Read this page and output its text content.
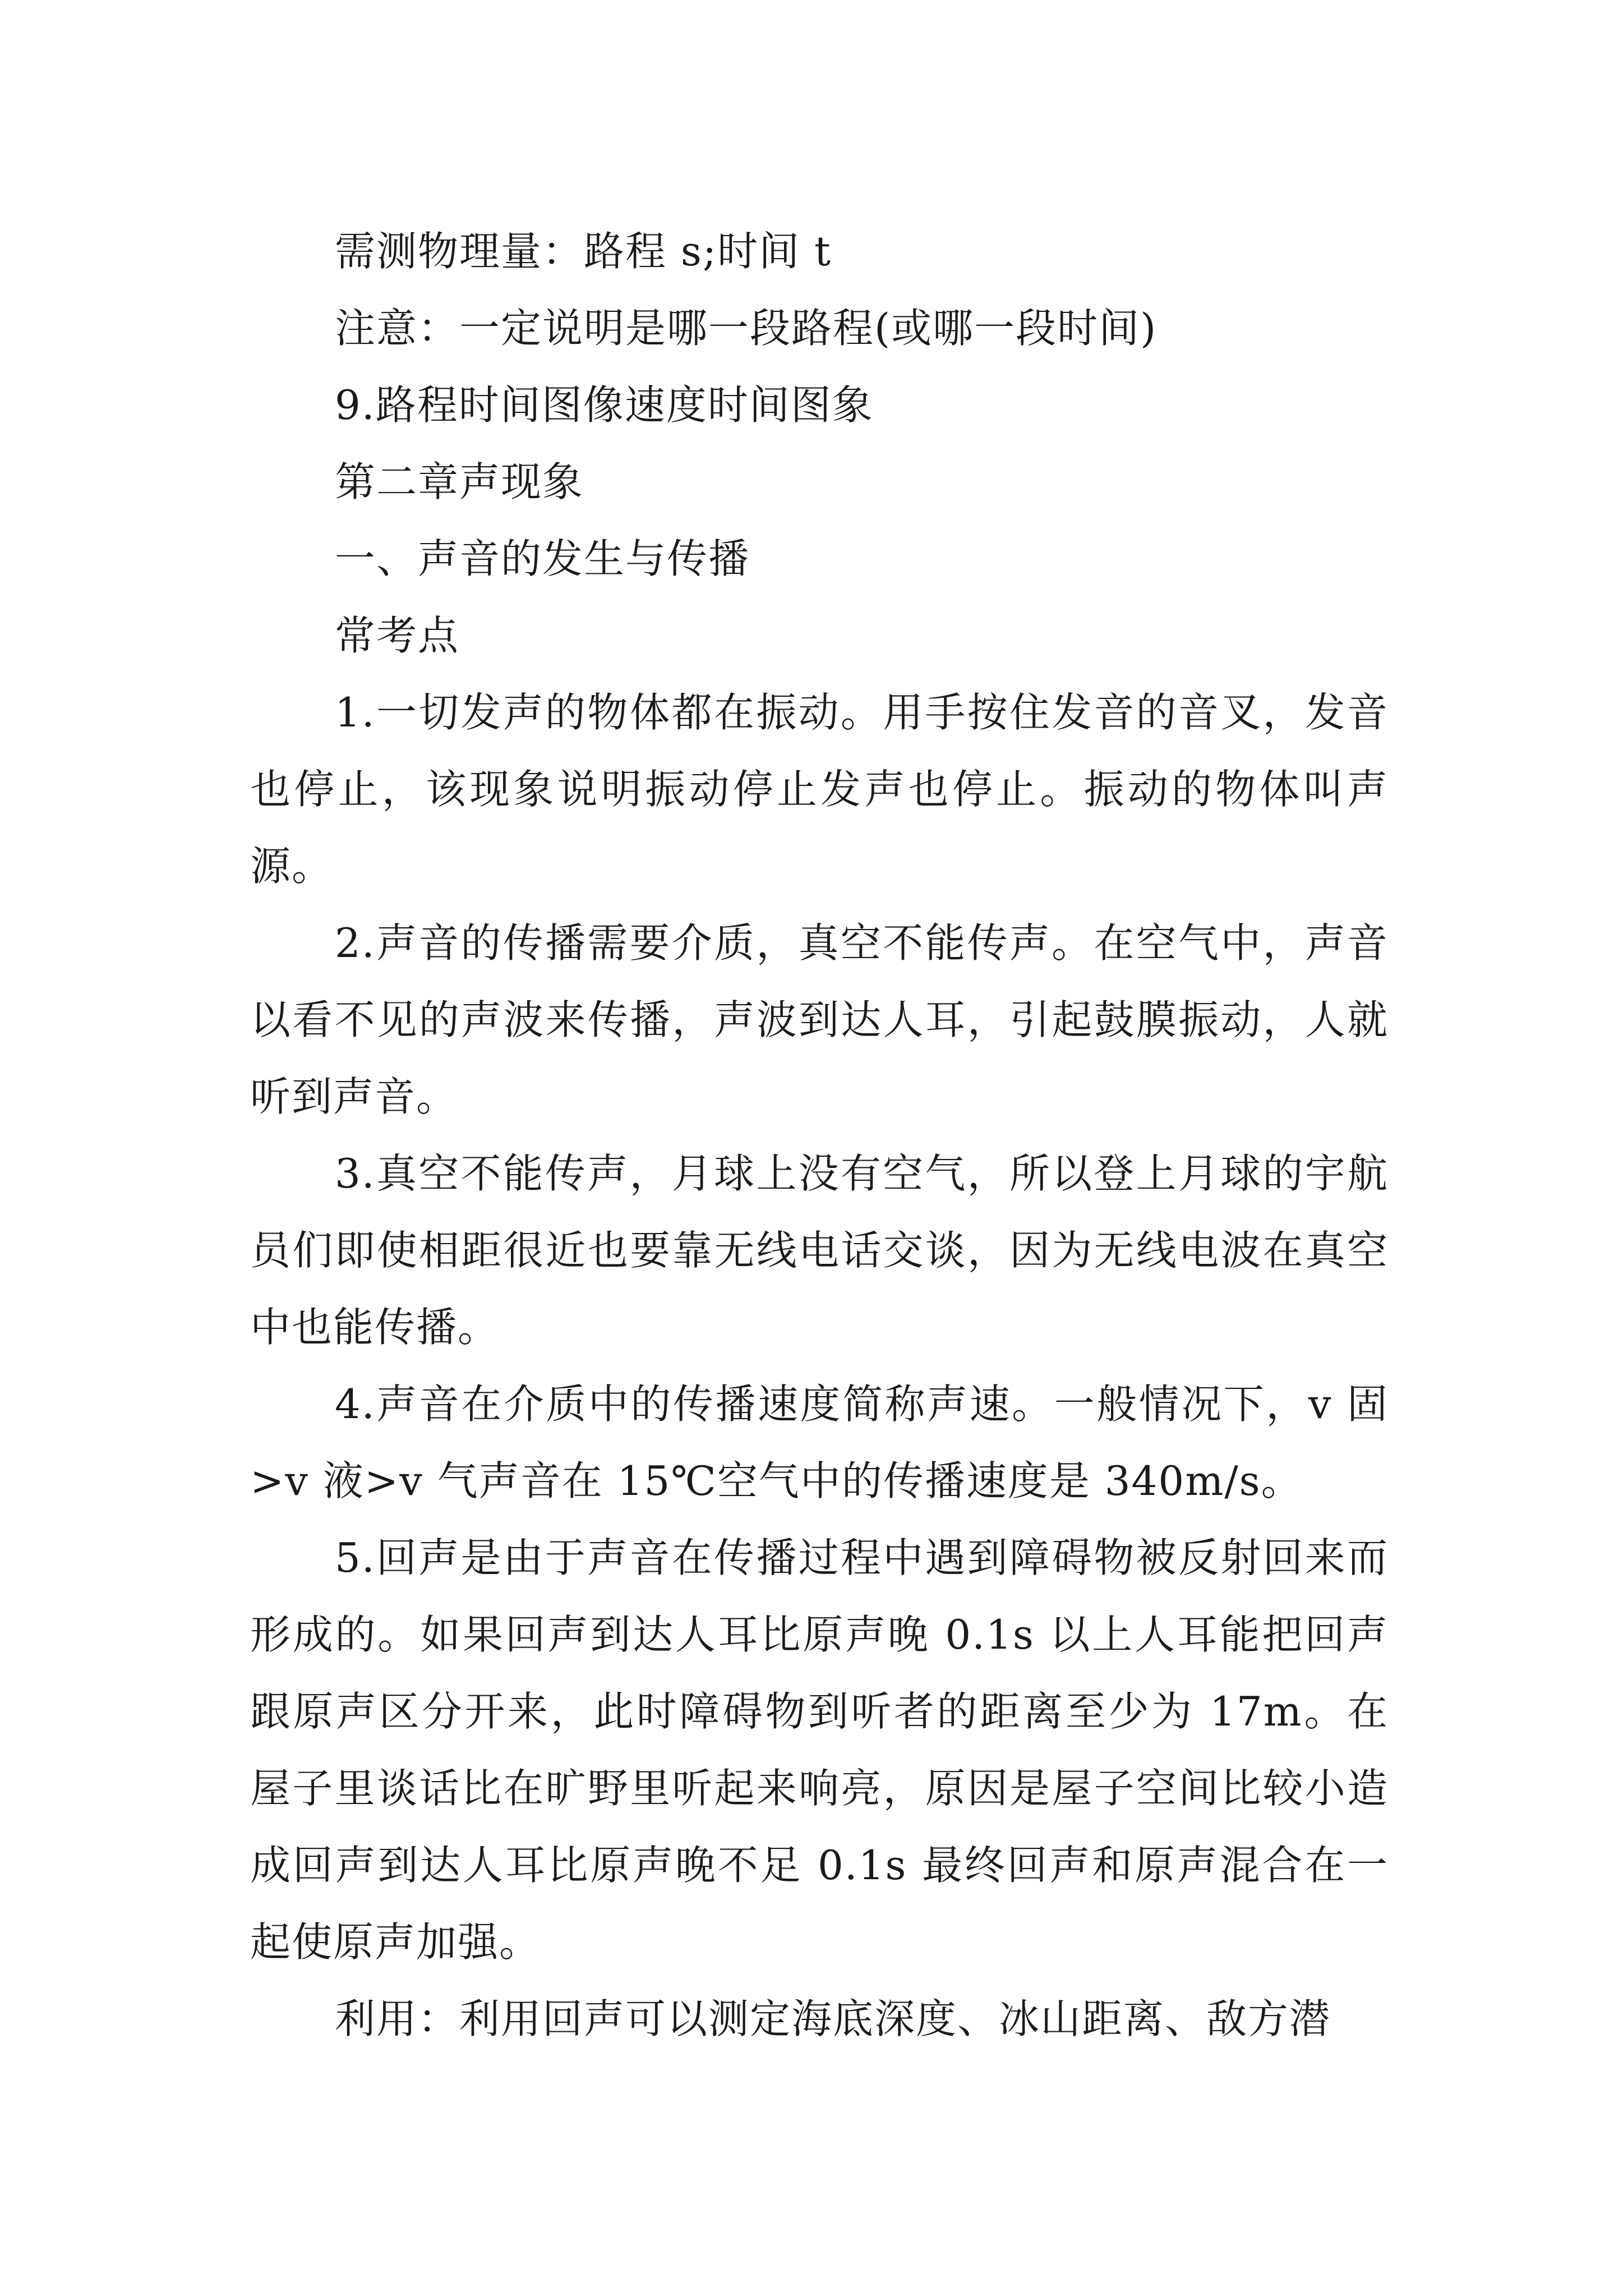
需测物理量：路程 s;时间 t

注意：一定说明是哪一段路程(或哪一段时间)

9.路程时间图像速度时间图象

第二章声现象

一、声音的发生与传播

常考点

1.一切发声的物体都在振动。用手按住发音的音叉，发音也停止，该现象说明振动停止发声也停止。振动的物体叫声源。

2.声音的传播需要介质，真空不能传声。在空气中，声音以看不见的声波来传播，声波到达人耳，引起鼓膜振动，人就听到声音。

3.真空不能传声，月球上没有空气，所以登上月球的宇航员们即使相距很近也要靠无线电话交谈，因为无线电波在真空中也能传播。

4.声音在介质中的传播速度简称声速。一般情况下，v 固>v 液>v 气声音在 15℃空气中的传播速度是 340m/s。

5.回声是由于声音在传播过程中遇到障碍物被反射回来而形成的。如果回声到达人耳比原声晚 0.1s 以上人耳能把回声跟原声区分开来，此时障碍物到听者的距离至少为 17m。在屋子里谈话比在旷野里听起来响亮，原因是屋子空间比较小造成回声到达人耳比原声晚不足 0.1s 最终回声和原声混合在一起使原声加强。

利用：利用回声可以测定海底深度、冰山距离、敌方潜
